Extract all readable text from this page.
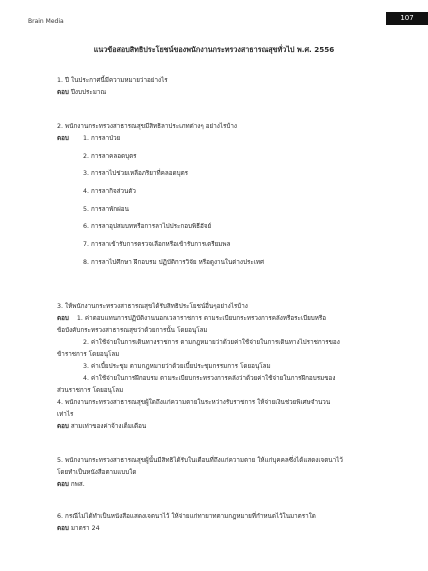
Brain Media	107
แนวข้อสอบสิทธิประโยชน์ของพนักงานกระทรวงสาธารณสุขทั่วไป พ.ศ. 2556

1. ปี ในประกาศนี้มีความหมายว่าอย่างไร

ตอบ ปีงบประมาณ

2. พนักงานกระทรวงสาธารณสุขมีสิทธิลาประเภทต่างๆ อย่างไรบ้าง

ตอบ	1. การลาป่วย
2. การลาคลอดบุตร
3. การลาไปช่วยเหลือภริยาที่คลอดบุตร
4. การลากิจส่วนตัว
5. การลาพักผ่อน
6. การลาอุปสมบทหรือการลาไปประกอบพิธีฮัจย์
7. การลาเข้ารับการตรวจเลือกหรือเข้ารับการเตรียมพล
8. การลาไปศึกษา ฝึกอบรม ปฏิบัติการวิจัย หรือดูงานในต่างประเทศ

3. ให้พนักงานกระทรวงสาธารณสุขได้รับสิทธิประโยชน์อื่นๆอย่างไรบ้าง

ตอบ 1. ค่าตอบแทนการปฏิบัติงานนอกเวลาราชการ ตามระเบียบกระทรวงการคลังหรือระเบียบหรือ

ข้อบังคับกระทรวงสาธารณสุขว่าด้วยการนั้น โดยอนุโลม

2. ค่าใช้จ่ายในการเดินทางราชการ ตามกฎหมายว่าด้วยค่าใช้จ่ายในการเดินทางไปราชการของ

ข้าราชการ โดยอนุโลม

3. ค่าเบี้ยประชุม ตามกฎหมายว่าด้วยเบี้ยประชุมกรรมการ โดยอนุโลม

4. ค่าใช้จ่ายในการฝึกอบรม ตามระเบียบกระทรวงการคลังว่าด้วยค่าใช้จ่ายในการฝึกอบรมของ

ส่วนราชการ โดยอนุโลม

4. พนักงานกระทรวงสาธารณสุขผู้ใดถึงแก่ความตายในระหว่างรับราชการ ให้จ่ายเงินช่วยพิเศษจำนวน

เท่าไร

ตอบ สามเท่าของค่าจ้างเต็มเดือน

5. พนักงานกระทรวงสาธารณสุขผู้นั้นมีสิทธิได้รับในเดือนที่ถึงแก่ความตาย ให้แก่บุคคลซึ่งได้แสดงเจตนาไว้

โดยทำเป็นหนังสือตามแบบใด

ตอบ กพส.

6. กรณีไม่ได้ทำเป็นหนังสือแสดงเจตนาไว้ ให้จ่ายแก่ทายาทตามกฎหมายที่กำหนดไว้ในมาตราใด

ตอบ มาตรา 24
